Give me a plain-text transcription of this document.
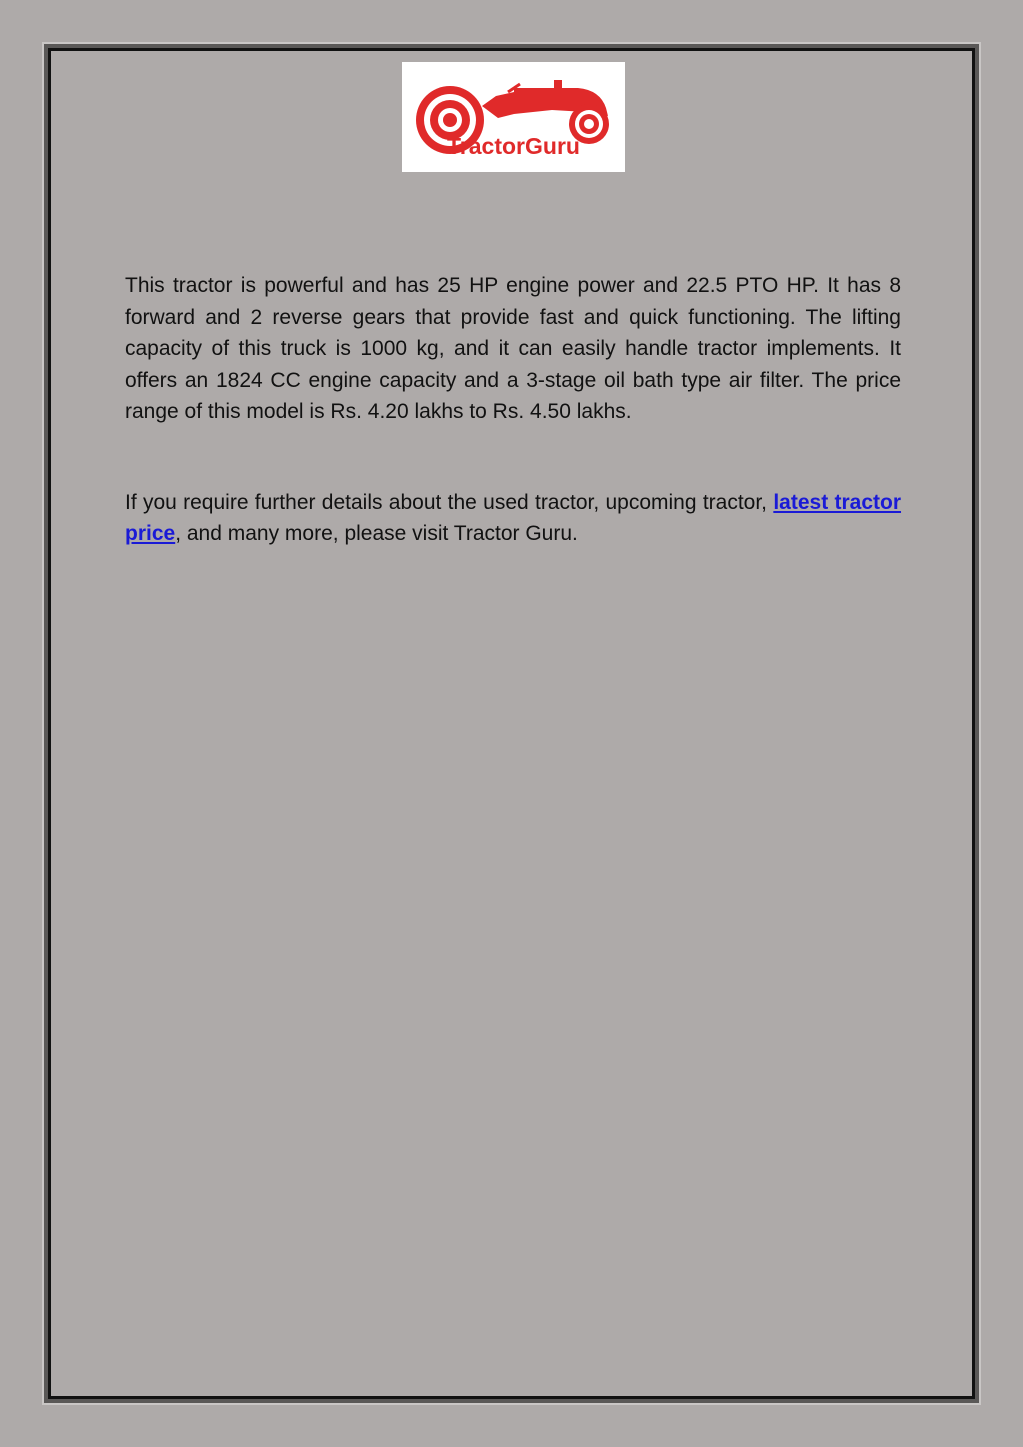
TractorGuru

This tractor is powerful and has 25 HP engine power and 22.5 PTO HP. It has 8 forward and 2 reverse gears that provide fast and quick functioning. The lifting capacity of this truck is 1000 kg, and it can easily handle tractor implements. It offers an 1824 CC engine capacity and a 3-stage oil bath type air filter. The price range of this model is Rs. 4.20 lakhs to Rs. 4.50 lakhs.

If you require further details about the used tractor, upcoming tractor, latest tractor price, and many more, please visit Tractor Guru.
